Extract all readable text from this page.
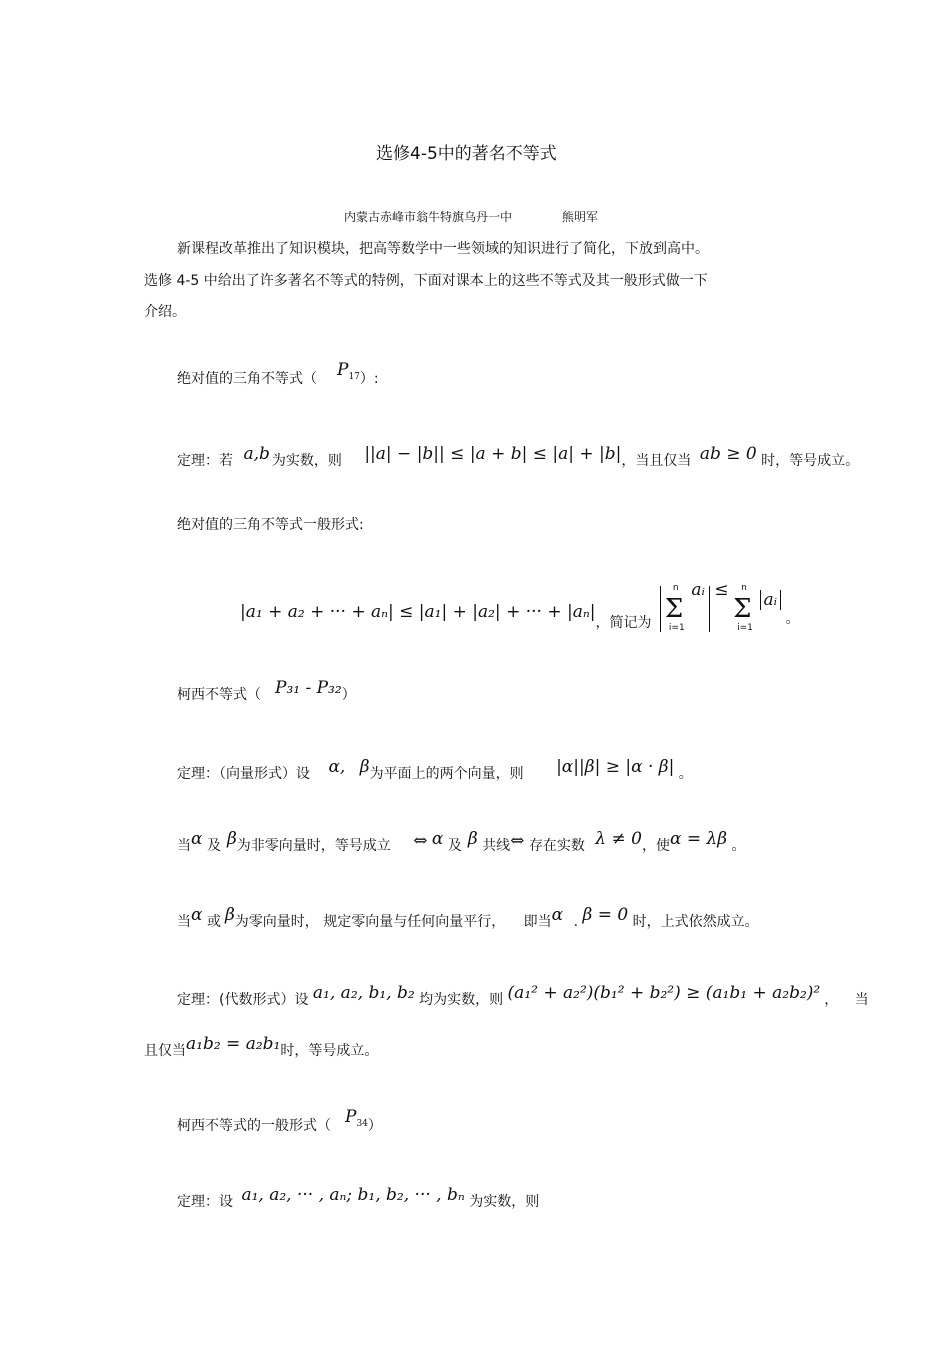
选修4-5中的著名不等式
内蒙古赤峰市翁牛特旗乌丹一中	熊明军
新课程改革推出了知识模块，把高等数学中一些领域的知识进行了简化，下放到高中。
选修 4-5 中给出了许多著名不等式的特例，下面对课本上的这些不等式及其一般形式做一下
介绍。
绝对值的三角不等式（ $P_{17}$）:
定理：若 a,b 为实数，则 ||a| − |b|| ≤ |a + b| ≤ |a| + |b|，当且仅当 ab ≥ 0 时，等号成立。
绝对值的三角不等式一般形式:
|a₁ + a₂ + ··· + aₙ| ≤ |a₁| + |a₂| + ··· + |aₙ|，简记为
n
Σ
i=1
aᵢ ≤ n
Σ
i=1
aᵢ 。
柯西不等式（ P₃₁ - P₃₂）
定理：（向量形式）设 α, β为平面上的两个向量，则 |α||β| ≥ |α · β| 。
当α 及 β为非零向量时，等号成立 ⇔ α 及 β 共线⇔ 存在实数 λ ≠ 0，使α = λβ 。
当α 或 β为零向量时， 规定零向量与任何向量平行， 即当α . β = 0 时，上式依然成立。
定理：(代数形式）设 a₁, a₂, b₁, b₂ 均为实数，则 (a₁² + a₂²)(b₁² + b₂²) ≥ (a₁b₁ + a₂b₂)² ， 当
且仅当a₁b₂ = a₂b₁时，等号成立。
柯西不等式的一般形式（ $P_{34}$）
定理：设 a₁, a₂, ··· , aₙ; b₁, b₂, ··· , bₙ 为实数，则
